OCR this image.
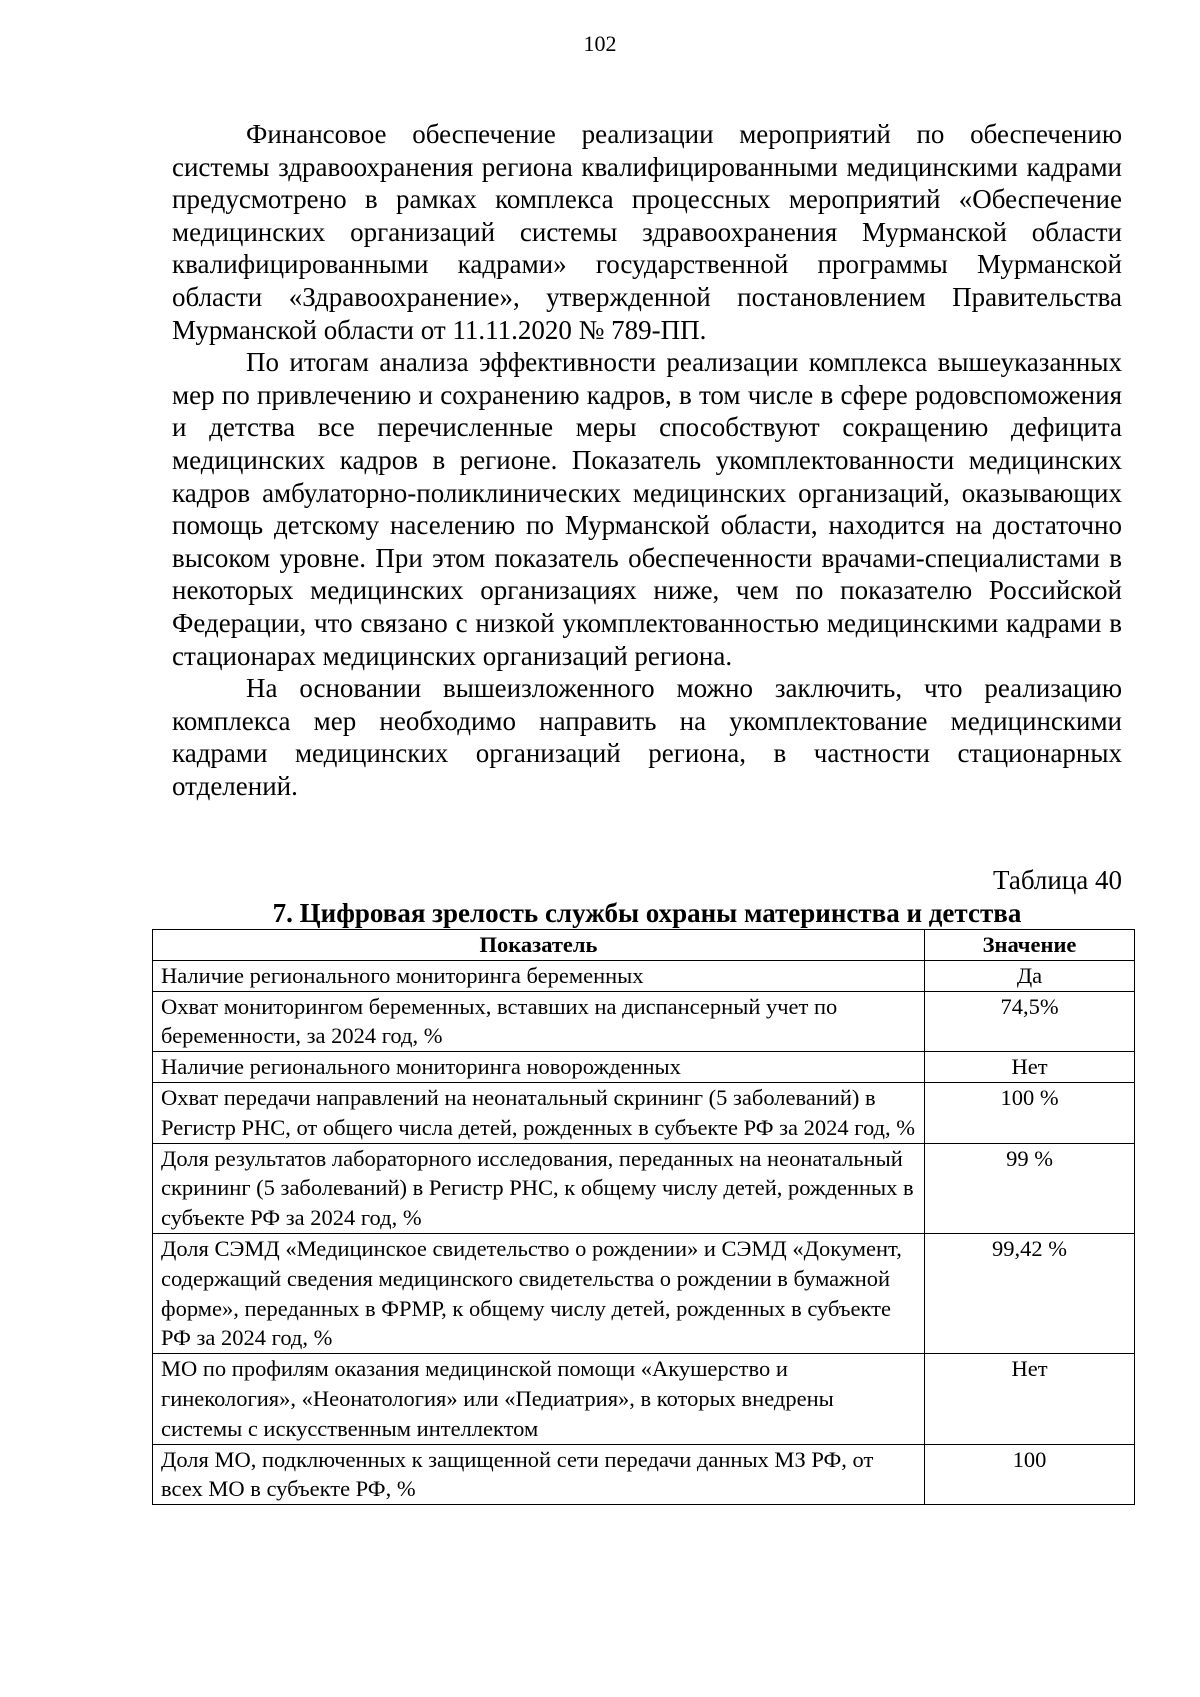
102

Финансовое обеспечение реализации мероприятий по обеспечению системы здравоохранения региона квалифицированными медицинскими кадрами предусмотрено в рамках комплекса процессных мероприятий «Обеспечение медицинских организаций системы здравоохранения Мурманской области квалифицированными кадрами» государственной программы Мурманской области «Здравоохранение», утвержденной постановлением Правительства Мурманской области от 11.11.2020 № 789-ПП.

По итогам анализа эффективности реализации комплекса вышеуказанных мер по привлечению и сохранению кадров, в том числе в сфере родовспоможения и детства все перечисленные меры способствуют сокращению дефицита медицинских кадров в регионе. Показатель укомплектованности медицинских кадров амбулаторно-поликлинических медицинских организаций, оказывающих помощь детскому населению по Мурманской области, находится на достаточно высоком уровне. При этом показатель обеспеченности врачами-специалистами в некоторых медицинских организациях ниже, чем по показателю Российской Федерации, что связано с низкой укомплектованностью медицинскими кадрами в стационарах медицинских организаций региона.

На основании вышеизложенного можно заключить, что реализацию комплекса мер необходимо направить на укомплектование медицинскими кадрами медицинских организаций региона, в частности стационарных отделений.

Таблица 40
7. Цифровая зрелость службы охраны материнства и детства
Показатель	Значение
Наличие регионального мониторинга беременных	Да
Охват мониторингом беременных, вставших на диспансерный учет по беременности, за 2024 год, %	74,5%
Наличие регионального мониторинга новорожденных	Нет
Охват передачи направлений на неонатальный скрининг (5 заболеваний) в Регистр РНС, от общего числа детей, рожденных в субъекте РФ за 2024 год, %	100 %
Доля результатов лабораторного исследования, переданных на неонатальный скрининг (5 заболеваний) в Регистр РНС, к общему числу детей, рожденных в субъекте РФ за 2024 год, %	99 %
Доля СЭМД «Медицинское свидетельство о рождении» и СЭМД «Документ, содержащий сведения медицинского свидетельства о рождении в бумажной форме», переданных в ФРМР, к общему числу детей, рожденных в субъекте РФ за 2024 год, %	99,42 %
МО по профилям оказания медицинской помощи «Акушерство и гинекология», «Неонатология» или «Педиатрия», в которых внедрены системы с искусственным интеллектом	Нет
Доля МО, подключенных к защищенной сети передачи данных МЗ РФ, от всех МО в субъекте РФ, %	100
